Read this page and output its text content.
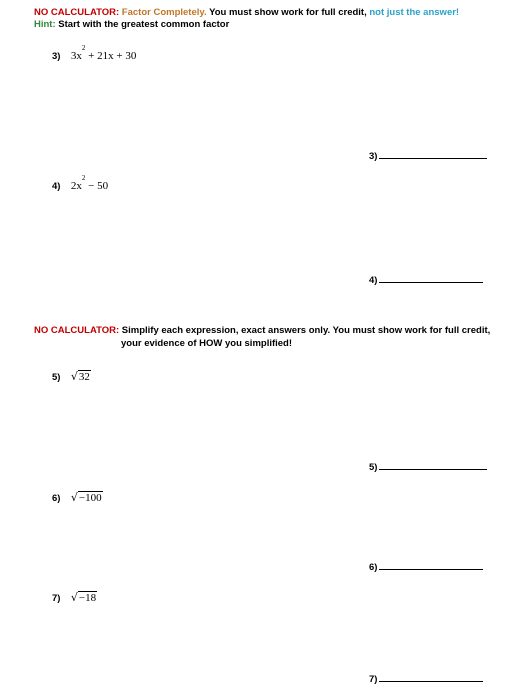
NO CALCULATOR: Factor Completely. You must show work for full credit, not just the answer!
Hint: Start with the greatest common factor
3) $3x^2 + 21x + 30$
3)
4) $2x^2 - 50$
4)
NO CALCULATOR: Simplify each expression, exact answers only. You must show work for full credit,
your evidence of HOW you simplified!
5) √32
5)
6) √−100
6)
7) √−18
7)
